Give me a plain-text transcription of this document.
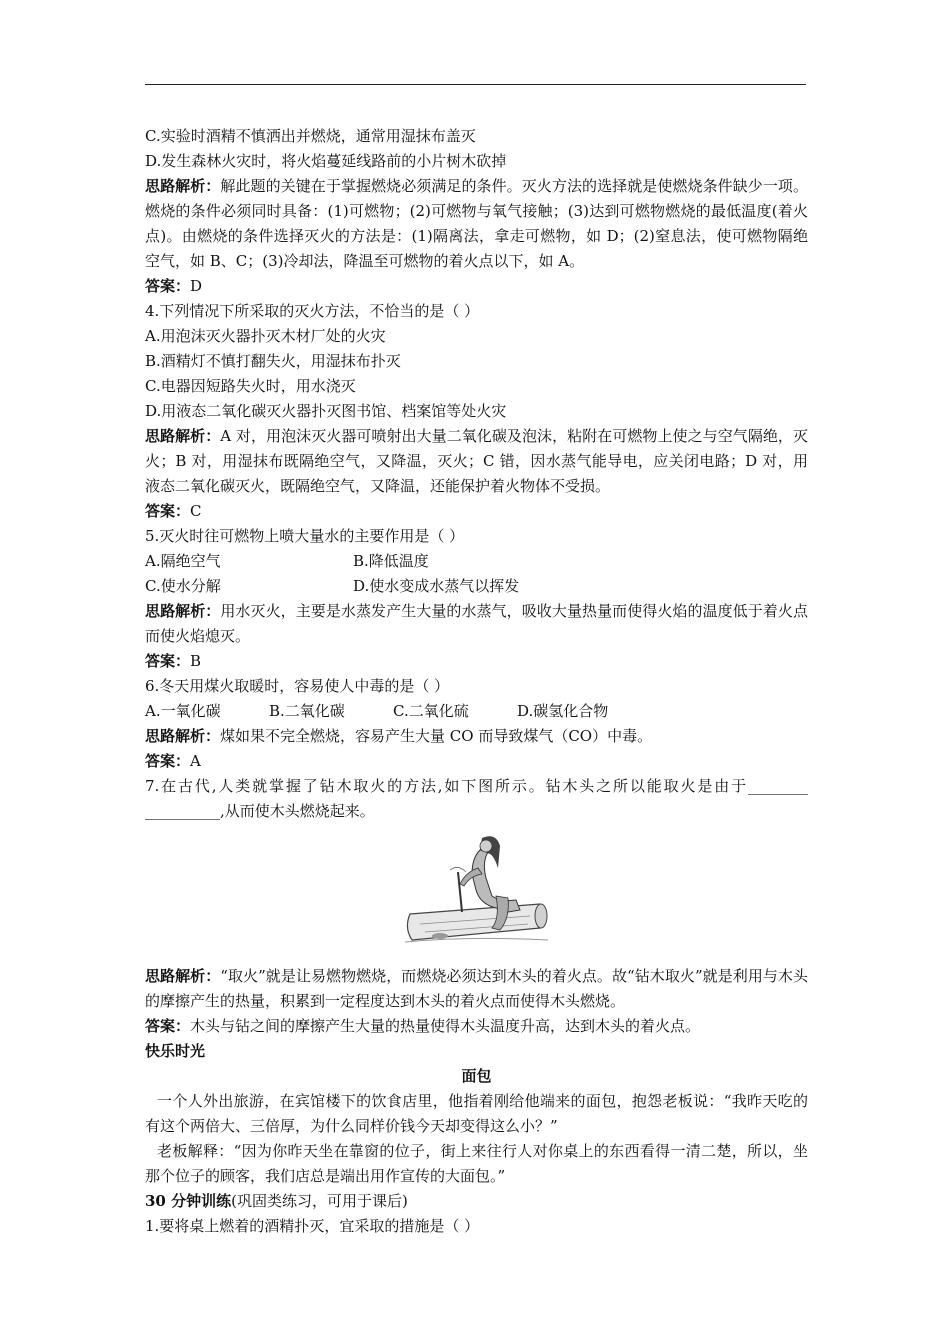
C.实验时酒精不慎洒出并燃烧，通常用湿抹布盖灭

D.发生森林火灾时，将火焰蔓延线路前的小片树木砍掉

思路解析：解此题的关键在于掌握燃烧必须满足的条件。灭火方法的选择就是使燃烧条件缺少一项。燃烧的条件必须同时具备：(1)可燃物；(2)可燃物与氧气接触；(3)达到可燃物燃烧的最低温度(着火点)。由燃烧的条件选择灭火的方法是：(1)隔离法，拿走可燃物，如 D；(2)窒息法，使可燃物隔绝空气，如 B、C；(3)冷却法，降温至可燃物的着火点以下，如 A。

答案：D

4.下列情况下所采取的灭火方法，不恰当的是（ ）

A.用泡沫灭火器扑灭木材厂处的火灾

B.酒精灯不慎打翻失火，用湿抹布扑灭

C.电器因短路失火时，用水浇灭

D.用液态二氧化碳灭火器扑灭图书馆、档案馆等处火灾

思路解析：A 对，用泡沫灭火器可喷射出大量二氧化碳及泡沫，粘附在可燃物上使之与空气隔绝，灭火；B 对，用湿抹布既隔绝空气，又降温，灭火；C 错，因水蒸气能导电，应关闭电路；D 对，用液态二氧化碳灭火，既隔绝空气，又降温，还能保护着火物体不受损。

答案：C

5.灭火时往可燃物上喷大量水的主要作用是（ ）

A.隔绝空气	B.降低温度
C.使水分解	D.使水变成水蒸气以挥发

思路解析：用水灭火，主要是水蒸发产生大量的水蒸气，吸收大量热量而使得火焰的温度低于着火点而使火焰熄灭。

答案：B

6.冬天用煤火取暖时，容易使人中毒的是（ ）

A.一氧化碳	B.二氧化碳	C.二氧化硫	D.碳氢化合物

思路解析：煤如果不完全燃烧，容易产生大量 CO 而导致煤气（CO）中毒。

答案：A

7.在古代,人类就掌握了钻木取火的方法,如下图所示。钻木头之所以能取火是由于________ __________,从而使木头燃烧起来。

思路解析：“取火”就是让易燃物燃烧，而燃烧必须达到木头的着火点。故“钻木取火”就是利用与木头的摩擦产生的热量，积累到一定程度达到木头的着火点而使得木头燃烧。

答案：木头与钻之间的摩擦产生大量的热量使得木头温度升高，达到木头的着火点。

快乐时光

面包

一个人外出旅游，在宾馆楼下的饮食店里，他指着刚给他端来的面包，抱怨老板说：“我昨天吃的有这个两倍大、三倍厚，为什么同样价钱今天却变得这么小？”

老板解释：“因为你昨天坐在靠窗的位子，街上来往行人对你桌上的东西看得一清二楚，所以，坐那个位子的顾客，我们店总是端出用作宣传的大面包。”

30 分钟训练(巩固类练习，可用于课后)

1.要将桌上燃着的酒精扑灭，宜采取的措施是（ ）
